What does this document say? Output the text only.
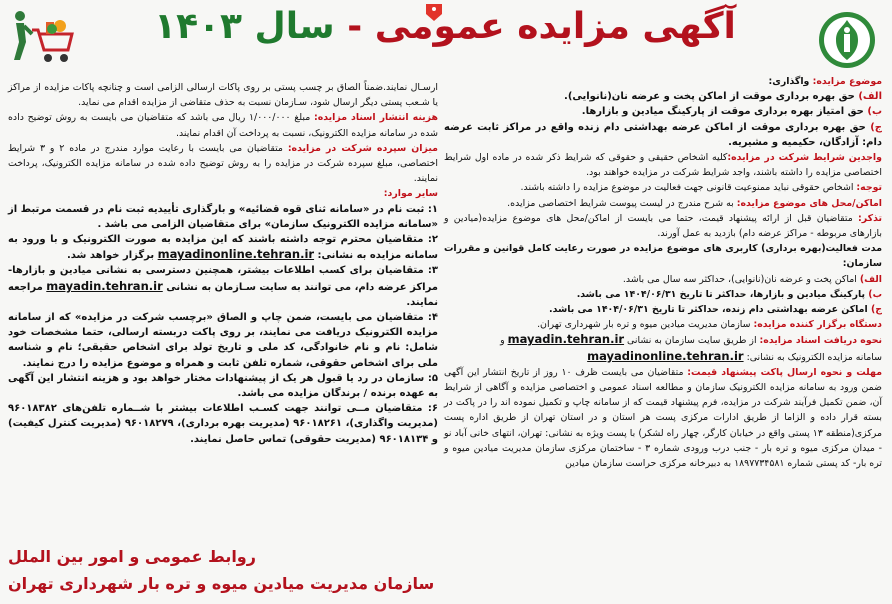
آگهی مزایده عمومی - سال ۱۴۰۳

موضوع مزایده: واگذاری:

الف) حق بهره برداری موقت از اماکن پخت و عرضه نان(نانوایی).

ب) حق امتیاز بهره برداری موقت از پارکینگ میادین و بازارها.

ج) حق بهره برداری موقت از اماکن عرضه بهداشتی دام زنده واقع در مراکز ثابت عرضه دام: آزادگان، حکیمیه و مشیریه.

واجدین شرایط شرکت در مزایده:کلیه اشخاص حقیقی و حقوقی که شرایط ذکر شده در ماده اول شرایط اختصاصی مزایده را داشته باشند، واجد شرایط شرکت در مزایده خواهند بود.

توجه: اشخاص حقوقی نباید ممنوعیت قانونی جهت فعالیت در موضوع مزایده را داشته باشند.

اماکن/محل های موضوع مزایده: به شرح مندرج در لیست پیوست شرایط اختصاصی مزایده.

تذکر: متقاضیان قبل از ارائه پیشنهاد قیمت، حتما می بایست از اماکن/محل های موضوع مزایده(میادین و بازارهای مربوطه - مراکز عرضه دام) بازدید به عمل آورند.

مدت فعالیت(بهره برداری) کاربری های موضوع مزایده در صورت رعایت کامل قوانین و مقررات سازمان:

الف) اماکن پخت و عرضه نان(نانوایی)، حداکثر سه سال می باشد.

ب) پارکینگ میادین و بازارها، حداکثر تا تاریخ ۱۴۰۴/۰۶/۳۱ می باشد.

ج) اماکن عرضه بهداشتی دام زنده، حداکثر تا تاریخ ۱۴۰۴/۰۶/۳۱ می باشد.

دستگاه برگزار کننده مزایده: سازمان مدیریت میادین میوه و تره بار شهرداری تهران.

نحوه دریافت اسناد مزایده: از طریق سایت سازمان به نشانی mayadin.tehran.ir و

سامانه مزایده الکترونیک به نشانی: mayadinonline.tehran.ir

مهلت و نحوه ارسال پاکت پیشنهاد قیمت: متقاضیان می بایست ظرف ۱۰ روز از تاریخ انتشار این آگهی ضمن ورود به سامانه مزایده الکترونیک سازمان و مطالعه اسناد عمومی و اختصاصی مزایده و آگاهی از شرایط آن، ضمن تکمیل فرآیند شرکت در مزایده، فرم پیشنهاد قیمت که از سامانه چاپ و تکمیل نموده اند را در پاکت در بسته قرار داده و الزاما از طریق ادارات مرکزی پست هر استان و در استان تهران از طریق اداره پست مرکزی(منطقه ۱۳ پستی واقع در خیابان کارگر، چهار راه لشکر) با پست ویژه به نشانی: تهران، انتهای خانی آباد نو - میدان مرکزی میوه و تره بار - جنب درب ورودی شماره ۳ - ساختمان مرکزی سازمان مدیریت میادین میوه و تره بار- کد پستی شماره ۱۸۹۷۷۳۴۵۸۱ به دبیرخانه مرکزی حراست سازمان میادین

ارسـال نمایند.ضمناً الصاق بر چسب پستی بر روی پاکات ارسالی الزامی است و چنانچه پاکات مزایده از مراکز یا شـعب پستی دیگر ارسال شود، سـازمان نسبت به حذف متقاضی از مزایده اقدام می نماید.

هزینه انتشار اسناد مزایده: مبلغ ۱/۰۰۰/۰۰۰ ریال می باشد که متقاضیان می بایست به روش توضیح داده شده در سامانه مزایده الکترونیک، نسبت به پرداخت آن اقدام نمایند.

میزان سپرده شرکت در مزایده: متقاضیان می بایست با رعایت موارد مندرج در ماده ۲ و ۳ شرایط اختصاصی، مبلغ سپرده شرکت در مزایده را به روش توضیح داده شده در سامانه مزایده الکترونیک، پرداخت نمایند.

سایر موارد:

۱: ثبت نام در «سامانه ثنای قوه قضائیه» و بارگذاری تأییدیه ثبت نام در قسمت مرتبط از «سامانه مزایده الکترونیک سازمان» برای متقاضیان الزامی می باشد .

۲: متقاضیان محترم توجه داشته باشند که این مزایده به صورت الکترونیک و با ورود به سامانه مزایده به نشانی: mayadinonline.tehran.ir برگزار خواهد شد.

۳: متقاضیان برای کسب اطلاعات بیشتر، همچنین دسترسی به نشانی میادین و بازارها- مراکز عرضه دام، می توانند به سایت سـازمان به نشانی mayadin.tehran.ir مراجعه نمایند.

۴: متقاضیان می بایست، ضمن چاپ و الصاق «برچسب شرکت در مزایده» که از سامانه مزایده الکترونیک دریافت می نمایند، بر روی پاکت دربسته ارسالی، حتما مشخصات خود شامل: نام و نام خانوادگی، کد ملی و تاریخ تولد برای اشخاص حقیقی؛ نام و شناسه ملی برای اشخاص حقوقی، شماره تلفن ثابت و همراه و موضوع مزایده را درج نمایند.

۵: سازمان در رد یا قبول هر یک از پیشنهادات مختار خواهد بود و هزینه انتشار این آگهی به عهده برنده / برندگان مزایده می باشد.

۶: متقاضیان مــی توانند جهت کسـب اطلاعات بیشتر با شــماره تلفن‌های ۹۶۰۱۸۳۸۲ (مدیریت واگذاری)، ۹۶۰۱۸۲۶۱ (مدیریت بهره برداری)، ۹۶۰۱۸۲۷۹ (مدیریت کنترل کیفیت) و ۹۶۰۱۸۱۳۴ (مدیریت حقوقی) تماس حاصل نمایند.

روابط عمومی و امور بین الملل
سازمان مدیریت میادین میوه و تره بار شهرداری تهران
